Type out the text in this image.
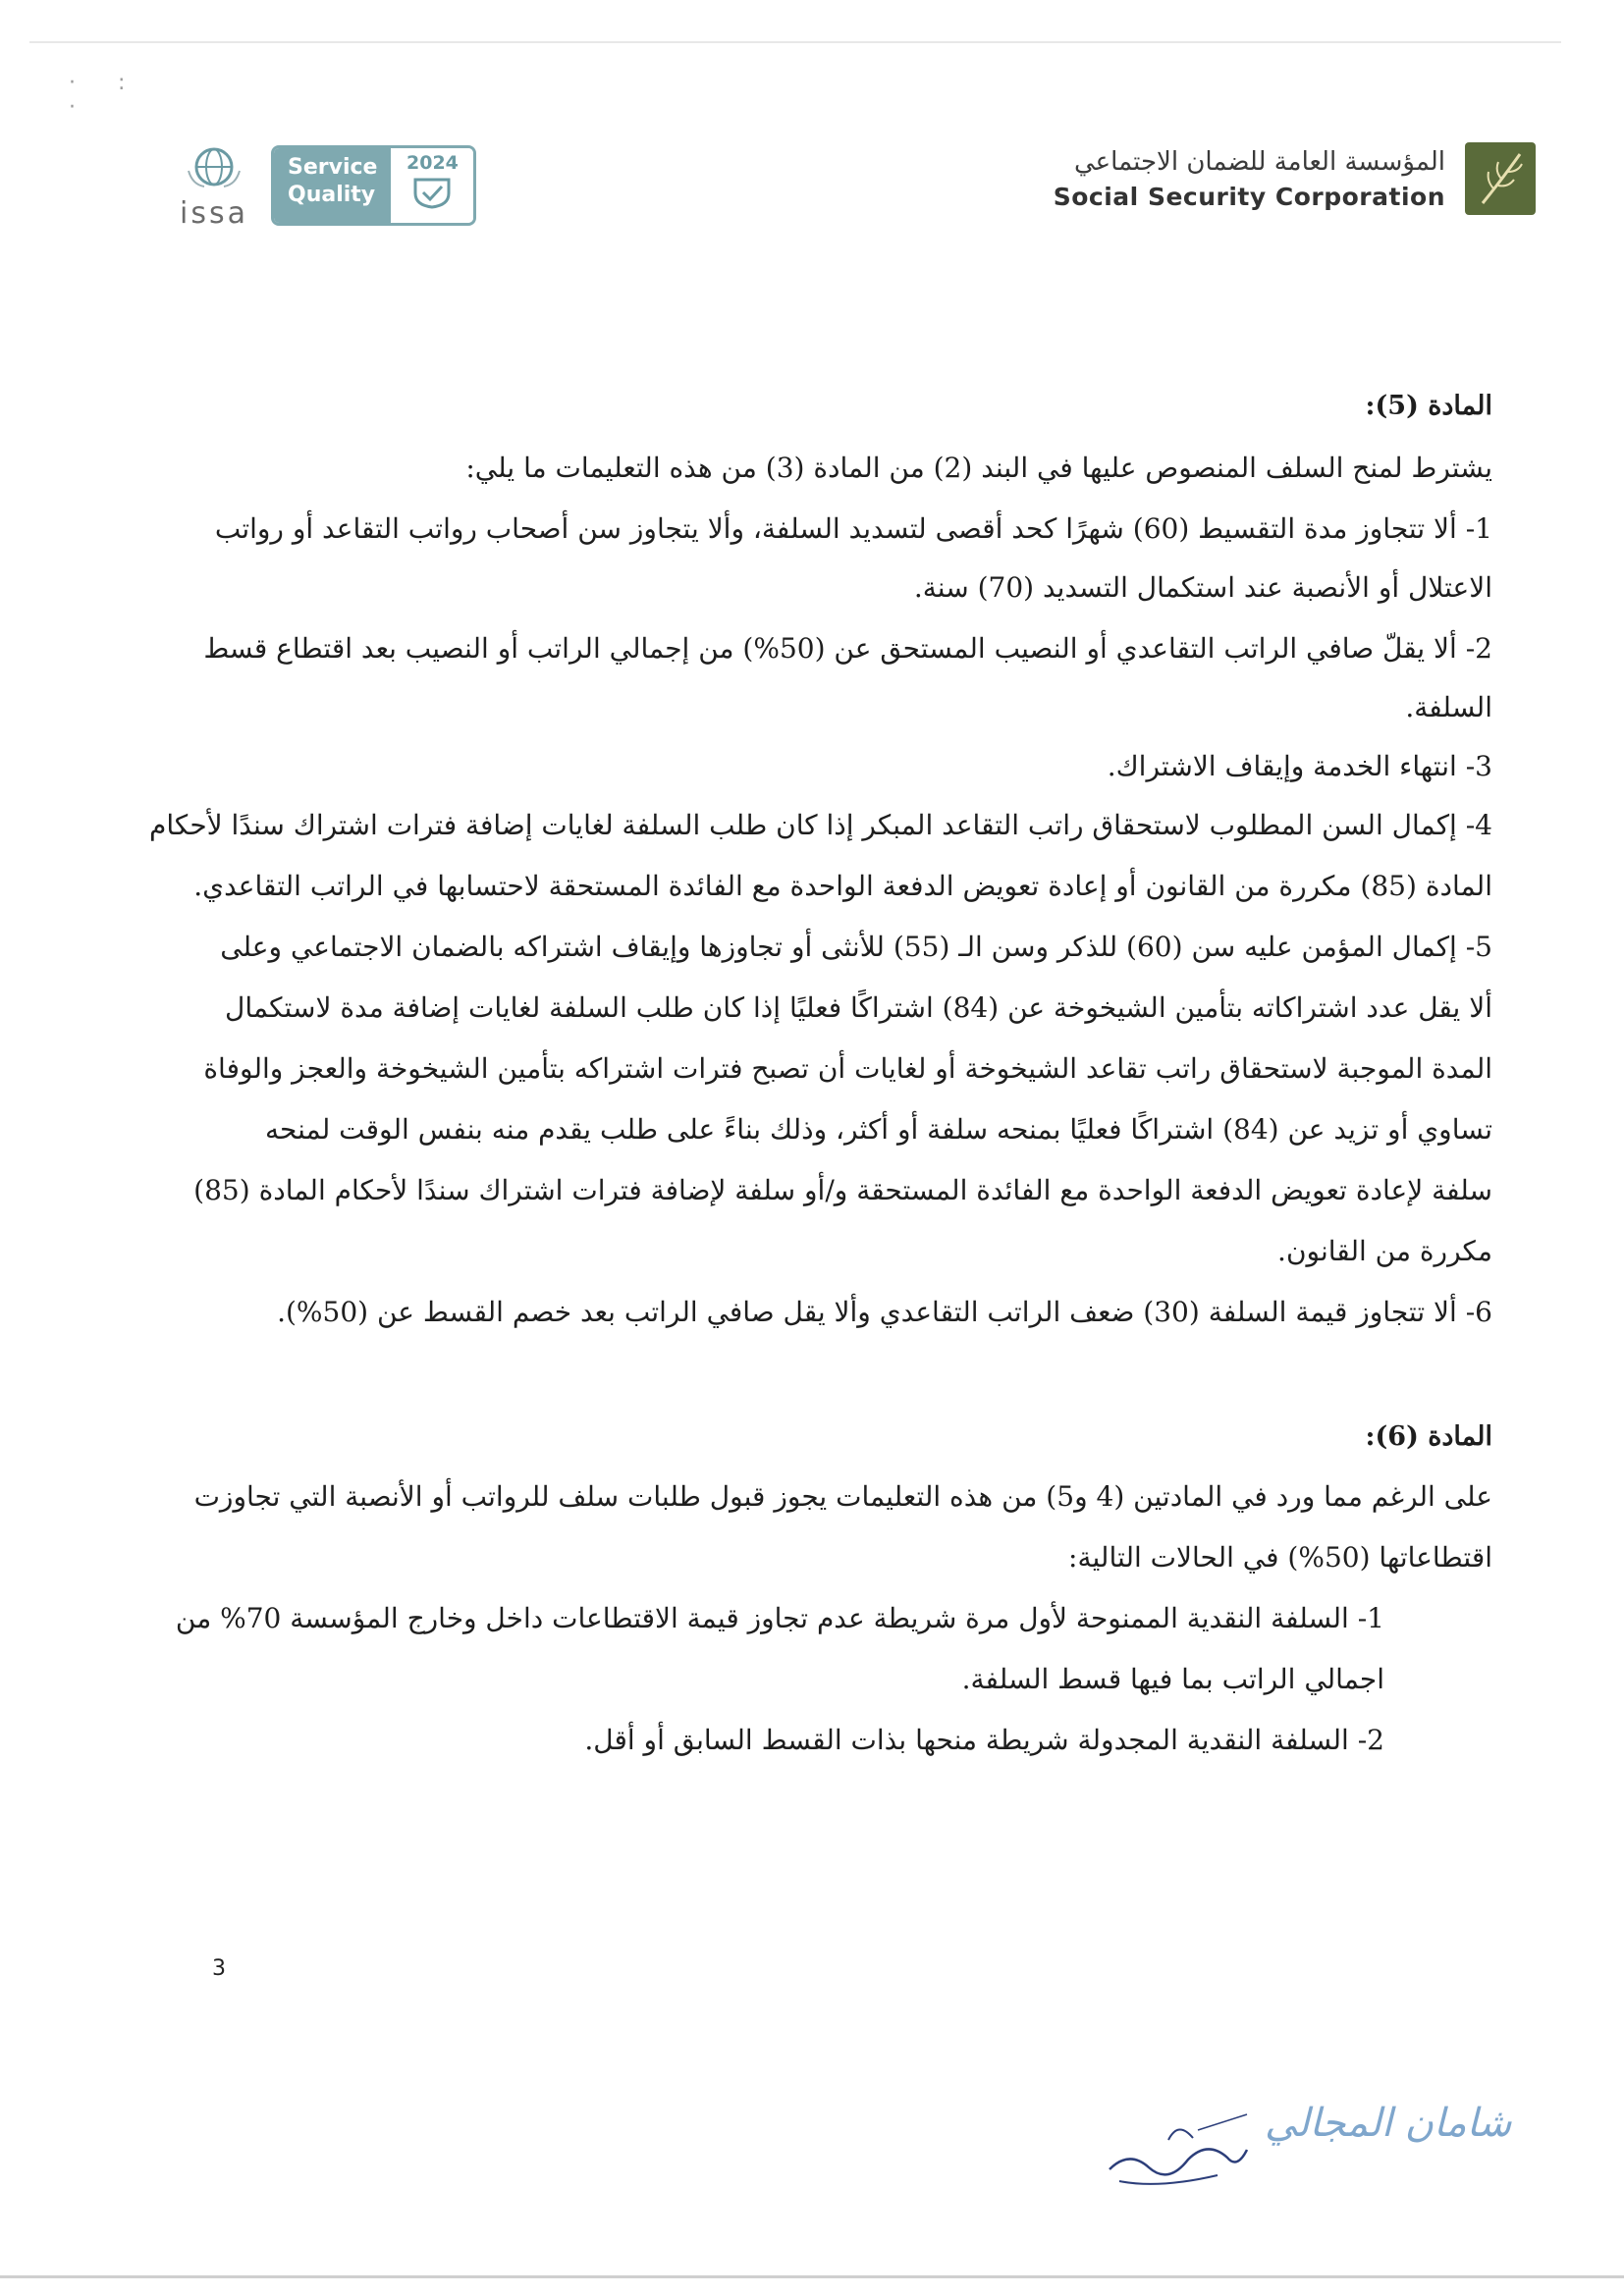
· : ·
issa
Service
Quality
2024	المؤسسة العامة للضمان الاجتماعي
Social Security Corporation
المادة (5):
يشترط لمنح السلف المنصوص عليها في البند (2) من المادة (3) من هذه التعليمات ما يلي:
1- ألا تتجاوز مدة التقسيط (60) شهرًا كحد أقصى لتسديد السلفة، وألا يتجاوز سن أصحاب رواتب التقاعد أو رواتب
الاعتلال أو الأنصبة عند استكمال التسديد (70) سنة.
2- ألا يقلّ صافي الراتب التقاعدي أو النصيب المستحق عن (50%) من إجمالي الراتب أو النصيب بعد اقتطاع قسط
السلفة.
3- انتهاء الخدمة وإيقاف الاشتراك.
4- إكمال السن المطلوب لاستحقاق راتب التقاعد المبكر إذا كان طلب السلفة لغايات إضافة فترات اشتراك سندًا لأحكام
المادة (85) مكررة من القانون أو إعادة تعويض الدفعة الواحدة مع الفائدة المستحقة لاحتسابها في الراتب التقاعدي.
5- إكمال المؤمن عليه سن (60) للذكر وسن الـ (55) للأنثى أو تجاوزها وإيقاف اشتراكه بالضمان الاجتماعي وعلى
ألا يقل عدد اشتراكاته بتأمين الشيخوخة عن (84) اشتراكًا فعليًا إذا كان طلب السلفة لغايات إضافة مدة لاستكمال
المدة الموجبة لاستحقاق راتب تقاعد الشيخوخة أو لغايات أن تصبح فترات اشتراكه بتأمين الشيخوخة والعجز والوفاة
تساوي أو تزيد عن (84) اشتراكًا فعليًا بمنحه سلفة أو أكثر، وذلك بناءً على طلب يقدم منه بنفس الوقت لمنحه
سلفة لإعادة تعويض الدفعة الواحدة مع الفائدة المستحقة و/أو سلفة لإضافة فترات اشتراك سندًا لأحكام المادة (85)
مكررة من القانون.
6- ألا تتجاوز قيمة السلفة (30) ضعف الراتب التقاعدي وألا يقل صافي الراتب بعد خصم القسط عن (50%).
المادة (6):
على الرغم مما ورد في المادتين (4 و5) من هذه التعليمات يجوز قبول طلبات سلف للرواتب أو الأنصبة التي تجاوزت
اقتطاعاتها (50%) في الحالات التالية:
1- السلفة النقدية الممنوحة لأول مرة شريطة عدم تجاوز قيمة الاقتطاعات داخل وخارج المؤسسة 70% من
اجمالي الراتب بما فيها قسط السلفة.
2- السلفة النقدية المجدولة شريطة منحها بذات القسط السابق أو أقل.
3
شامان المجالي
